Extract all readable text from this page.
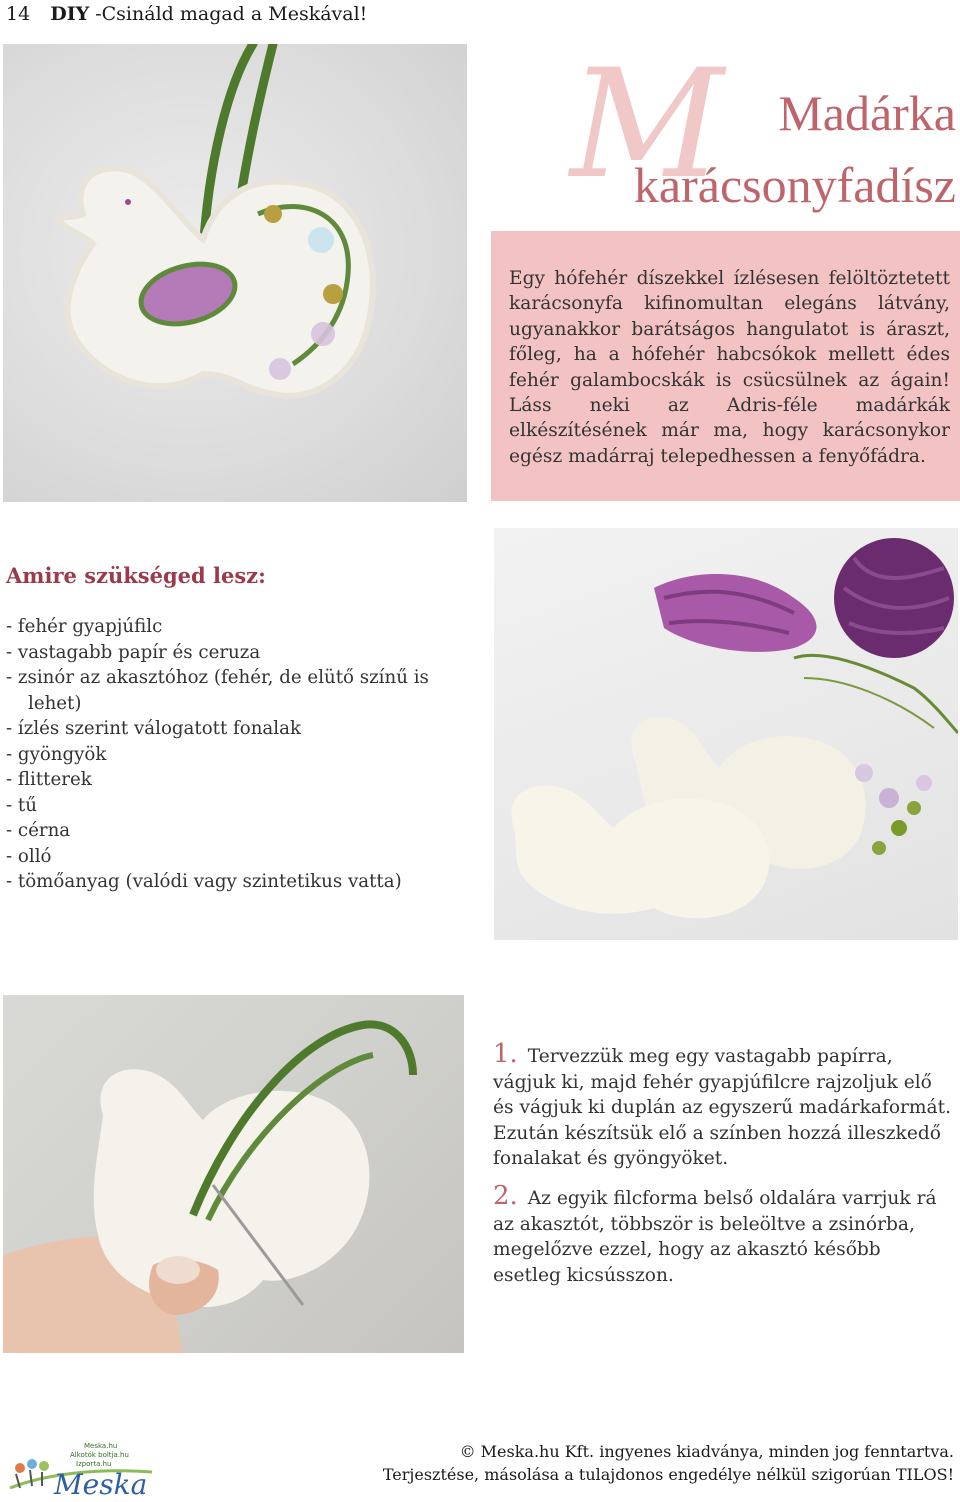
14 DIY -Csináld magad a Meskával!
M Madárka
karácsonyfadísz

Egy hófehér díszekkel ízlésesen felöltöztetett karácsonyfa kifinomultan elegáns látvány, ugyanakkor barátságos hangulatot is áraszt, főleg, ha a hófehér habcsókok mellett édes fehér galambocskák is csücsülnek az ágain! Láss neki az Adris-féle madárkák elkészítésének már ma, hogy karácsonykor egész madárraj telepedhessen a fenyőfádra.

Amire szükséged lesz:
- fehér gyapjúfilc
- vastagabb papír és ceruza
- zsinór az akasztóhoz (fehér, de elütő színű is lehet)
- ízlés szerint válogatott fonalak
- gyöngyök
- flitterek
- tű
- cérna
- olló
- tömőanyag (valódi vagy szintetikus vatta)

1. Tervezzük meg egy vastagabb papírra, vágjuk ki, majd fehér gyapjúfilcre rajzoljuk elő és vágjuk ki duplán az egyszerű madárkaformát. Ezután készítsük elő a színben hozzá illeszkedő fonalakat és gyöngyöket.

2. Az egyik filcforma belső oldalára varrjuk rá az akasztót, többször is beleöltve a zsinórba, megelőzve ezzel, hogy az akasztó később esetleg kicsússzon.

Meska.hu
Alkotók boltja.hu
Izporta.hu
Meska
© Meska.hu Kft. ingyenes kiadványa, minden jog fenntartva.
Terjesztése, másolása a tulajdonos engedélye nélkül szigorúan TILOS!
